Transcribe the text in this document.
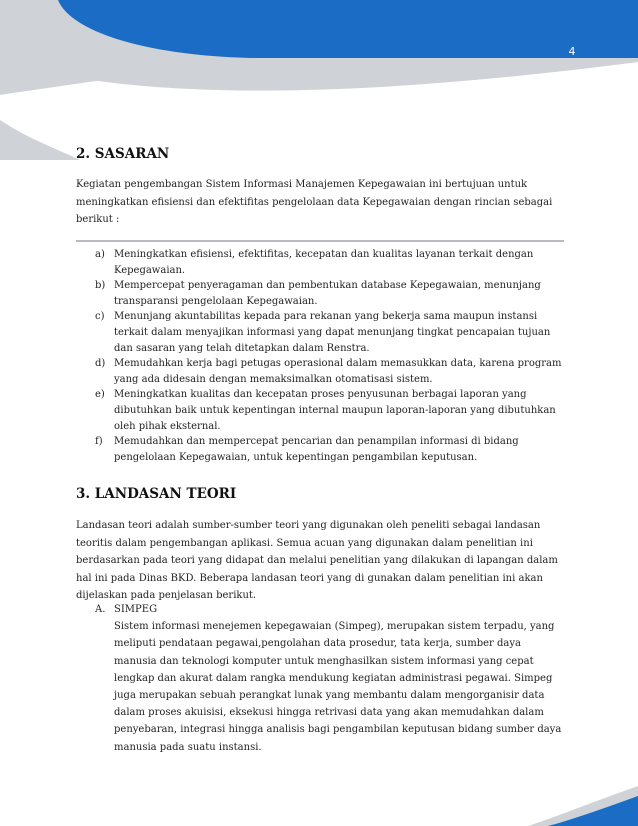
4
2. SASARAN

Kegiatan pengembangan Sistem Informasi Manajemen Kepegawaian ini bertujuan untuk meningkatkan efisiensi dan efektifitas pengelolaan data Kepegawaian dengan rincian sebagai berikut :

a) Meningkatkan efisiensi, efektifitas, kecepatan dan kualitas layanan terkait dengan Kepegawaian.
b) Mempercepat penyeragaman dan pembentukan database Kepegawaian, menunjang transparansi pengelolaan Kepegawaian.
c) Menunjang akuntabilitas kepada para rekanan yang bekerja sama maupun instansi terkait dalam menyajikan informasi yang dapat menunjang tingkat pencapaian tujuan dan sasaran yang telah ditetapkan dalam Renstra.
d) Memudahkan kerja bagi petugas operasional dalam memasukkan data, karena program yang ada didesain dengan memaksimalkan otomatisasi sistem.
e) Meningkatkan kualitas dan kecepatan proses penyusunan berbagai laporan yang dibutuhkan baik untuk kepentingan internal maupun laporan-laporan yang dibutuhkan oleh pihak eksternal.
f) Memudahkan dan mempercepat pencarian dan penampilan informasi di bidang pengelolaan Kepegawaian, untuk kepentingan pengambilan keputusan.
3. LANDASAN TEORI

Landasan teori adalah sumber-sumber teori yang digunakan oleh peneliti sebagai landasan teoritis dalam pengembangan aplikasi. Semua acuan yang digunakan dalam penelitian ini berdasarkan pada teori yang didapat dan melalui penelitian yang dilakukan di lapangan dalam hal ini pada Dinas BKD. Beberapa landasan teori yang di gunakan dalam penelitian ini akan dijelaskan pada penjelasan berikut.

A. SIMPEG
Sistem informasi menejemen kepegawaian (Simpeg), merupakan sistem terpadu, yang meliputi pendataan pegawai,pengolahan data prosedur, tata kerja, sumber daya manusia dan teknologi komputer untuk menghasilkan sistem informasi yang cepat lengkap dan akurat dalam rangka mendukung kegiatan administrasi pegawai. Simpeg juga merupakan sebuah perangkat lunak yang membantu dalam mengorganisir data dalam proses akuisisi, eksekusi hingga retrivasi data yang akan memudahkan dalam penyebaran, integrasi hingga analisis bagi pengambilan keputusan bidang sumber daya manusia pada suatu instansi.
